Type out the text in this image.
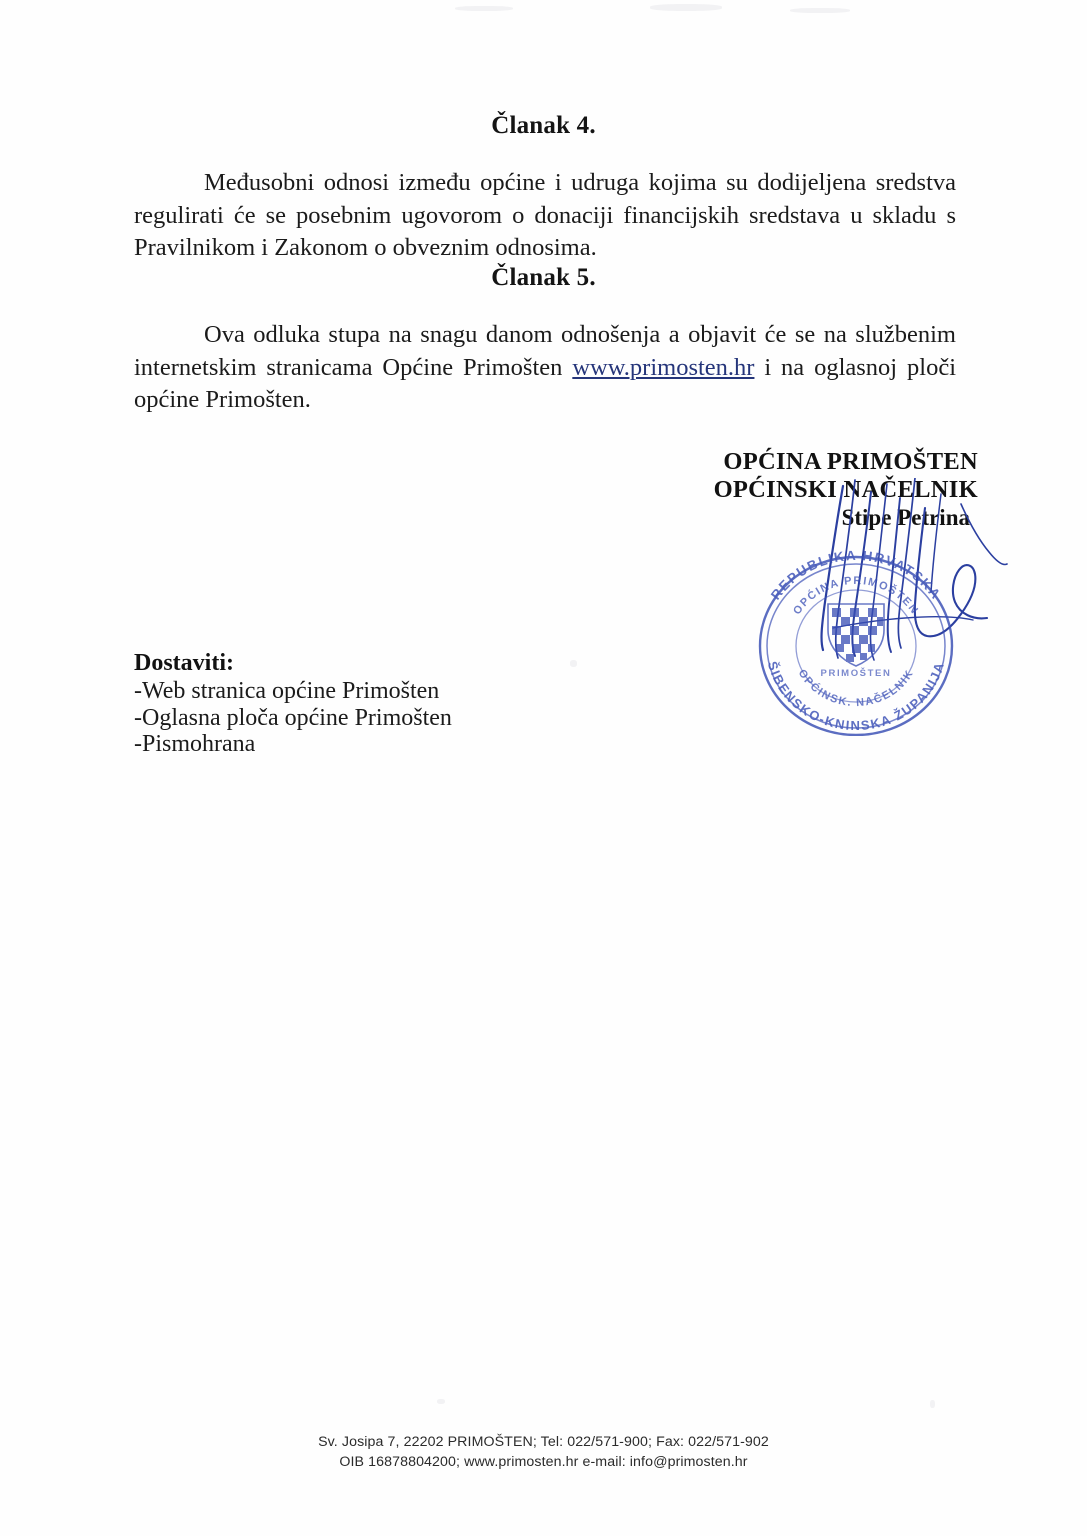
Članak 4.
Međusobni odnosi između općine i udruga kojima su dodijeljena sredstva regulirati će se posebnim ugovorom o donaciji financijskih sredstava u skladu s Pravilnikom i Zakonom o obveznim odnosima.
Članak 5.
Ova odluka stupa na snagu danom odnošenja a objavit će se na službenim internetskim stranicama Općine Primošten www.primosten.hr i na oglasnoj ploči općine Primošten.
OPĆINA PRIMOŠTEN
OPĆINSKI NAČELNIK
Stipe Petrina
REPUBLIKA HRVATSKA
ŠIBENSKO-KNINSKA ŽUPANIJA
OPĆINA PRIMOŠTEN
OPĆINSK. NAČELNIK
PRIMOŠTEN
Dostaviti:
-Web stranica općine Primošten
-Oglasna ploča općine Primošten
-Pismohrana
Sv. Josipa 7, 22202 PRIMOŠTEN; Tel: 022/571-900; Fax: 022/571-902
OIB 16878804200; www.primosten.hr e-mail: info@primosten.hr
